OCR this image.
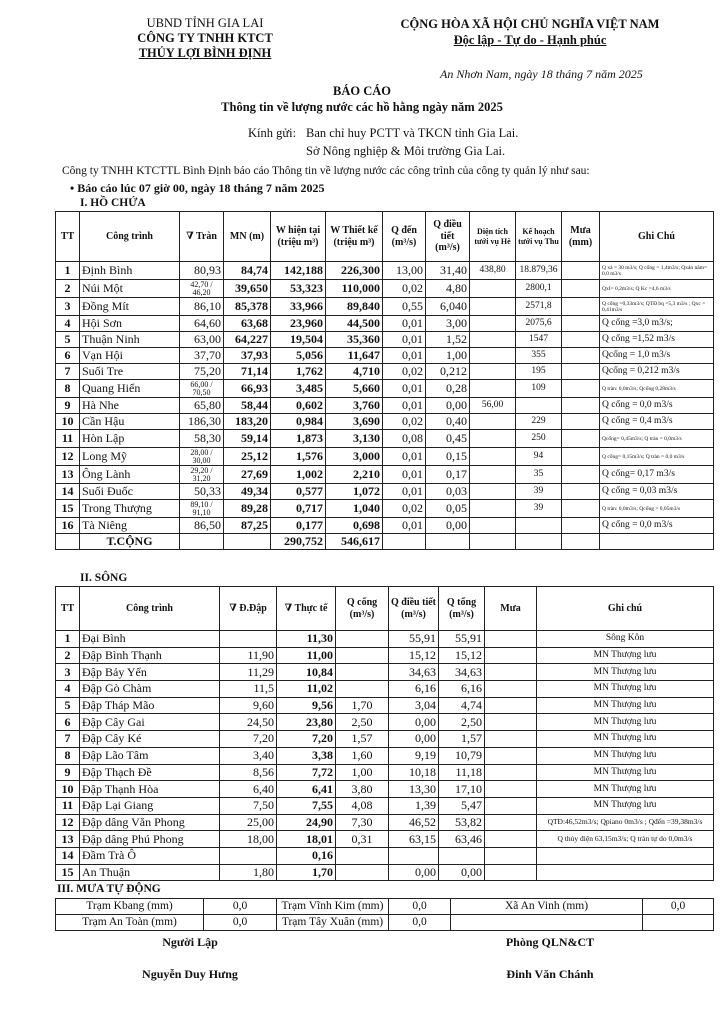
UBND TỈNH GIA LAI
CÔNG TY TNHH KTCT
THỦY LỢI BÌNH ĐỊNH
CỘNG HÒA XÃ HỘI CHỦ NGHĨA VIỆT NAM
Độc lập - Tự do - Hạnh phúc
An Nhơn Nam, ngày 18 tháng 7 năm 2025
BÁO CÁO
Thông tin về lượng nước các hồ hằng ngày năm 2025
Kính gửi: Ban chỉ huy PCTT và TKCN tỉnh Gia Lai.
Sở Nông nghiệp & Môi trường Gia Lai.
Công ty TNHH KTCTTL Bình Định báo cáo Thông tin về lượng nước các công trình của công ty quản lý như sau:
• Báo cáo lúc 07 giờ 00, ngày 18 tháng 7 năm 2025
I. HỒ CHỨA
TT	Công trình	∇ Tràn	MN (m)	W hiện tại (triệu m³)	W Thiết kế (triệu m³)	Q đến (m³/s)	Q điều tiết (m³/s)	Diện tích tưới vụ Hè	Kế hoạch tưới vụ Thu	Mưa (mm)	Ghi Chú
1	Định Bình	80,93	84,74	142,188	226,300	13,00	31,40	438,80	18.879,36		Q xả = 30 m3/s; Q cống = 1,4m3/s; Qxản năm= 0,0 m3/s
2	Núi Một	42,70 / 46,20	39,650	53,323	110,000	0,02	4,80		2800,1		QxI= 0,2m3/s; Q Kc =4,6 m3/s
3	Đồng Mít	86,10	85,378	33,966	89,840	0,55	6,040		2571,8		Q cống =0,33m3/s; QTĐ bq =5,3 m3/s ; Qxc = 0,41m3/s
4	Hội Sơn	64,60	63,68	23,960	44,500	0,01	3,00		2075,6		Q cống =3,0 m3/s;
5	Thuận Ninh	63,00	64,227	19,504	35,360	0,01	1,52		1547		Q cống =1,52 m3/s
6	Vạn Hội	37,70	37,93	5,056	11,647	0,01	1,00		355		Qcống = 1,0 m3/s
7	Suối Tre	75,20	71,14	1,762	4,710	0,02	0,212		195		Qcống = 0,212 m3/s
8	Quang Hiển	66,00 / 70,50	66,93	3,485	5,660	0,01	0,28		109		Q tràn: 0,0m3/s; Qcống 0,28m3/s
9	Hà Nhe	65,80	58,44	0,602	3,760	0,01	0,00	56,00			Q cống = 0,0 m3/s
10	Cần Hậu	186,30	183,20	0,984	3,690	0,02	0,40		229		Q cống = 0,4 m3/s
11	Hòn Lập	58,30	59,14	1,873	3,130	0,08	0,45		250		Qcống= 0,45m3/s; Q tràn = 0,0m3/s
12	Long Mỹ	28,00 / 30,00	25,12	1,576	3,000	0,01	0,15		94		Q cống= 0,15m3/s; Q tràn = 0,0 m3/s
13	Ông Lành	29,20 / 31,20	27,69	1,002	2,210	0,01	0,17		35		Q cống= 0,17 m3/s
14	Suối Đuốc	50,33	49,34	0,577	1,072	0,01	0,03		39		Q cống = 0,03 m3/s
15	Trong Thượng	89,10 / 91,10	89,28	0,717	1,040	0,02	0,05		39		Q tràn: 0,0m3/s; Qcống = 0,05m3/s
16	Tà Niêng	86,50	87,25	0,177	0,698	0,01	0,00				Q cống = 0,0 m3/s
	T.CỘNG			290,752	546,617						
II. SÔNG
TT	Công trình	∇ Đ.Đập	∇ Thực tế	Q cống (m³/s)	Q điều tiết (m³/s)	Q tổng (m³/s)	Mưa	Ghi chú
1	Đại Bình		11,30		55,91	55,91		Sông Kôn
2	Đập Bình Thạnh	11,90	11,00		15,12	15,12		MN Thượng lưu
3	Đập Bảy Yển	11,29	10,84		34,63	34,63		MN Thượng lưu
4	Đập Gò Chàm	11,5	11,02		6,16	6,16		MN Thượng lưu
5	Đập Tháp Mão	9,60	9,56	1,70	3,04	4,74		MN Thượng lưu
6	Đập Cây Gai	24,50	23,80	2,50	0,00	2,50		MN Thượng lưu
7	Đập Cây Ké	7,20	7,20	1,57	0,00	1,57		MN Thượng lưu
8	Đập Lão Tâm	3,40	3,38	1,60	9,19	10,79		MN Thượng lưu
9	Đập Thạch Đề	8,56	7,72	1,00	10,18	11,18		MN Thượng lưu
10	Đập Thạnh Hòa	6,40	6,41	3,80	13,30	17,10		MN Thượng lưu
11	Đập Lại Giang	7,50	7,55	4,08	1,39	5,47		MN Thượng lưu
12	Đập dâng Văn Phong	25,00	24,90	7,30	46,52	53,82		QTĐ:46,52m3/s; Qpiano 0m3/s ; Qđến =39,38m3/s
13	Đập dâng Phú Phong	18,00	18,01	0,31	63,15	63,46		Q thủy điện 63,15m3/s; Q tràn tự do 0,0m3/s
14	Đầm Trà Ô		0,16					
15	An Thuận	1,80	1,70		0,00	0,00		
III. MƯA TỰ ĐỘNG
Trạm Kbang (mm)	0,0	Trạm Vĩnh Kim (mm)	0,0	Xã An Vinh (mm)	0,0
Trạm An Toàn (mm)	0,0	Trạm Tây Xuân (mm)	0,0		
Người Lập
Nguyễn Duy Hưng
Phòng QLN&CT
Đinh Văn Chánh
